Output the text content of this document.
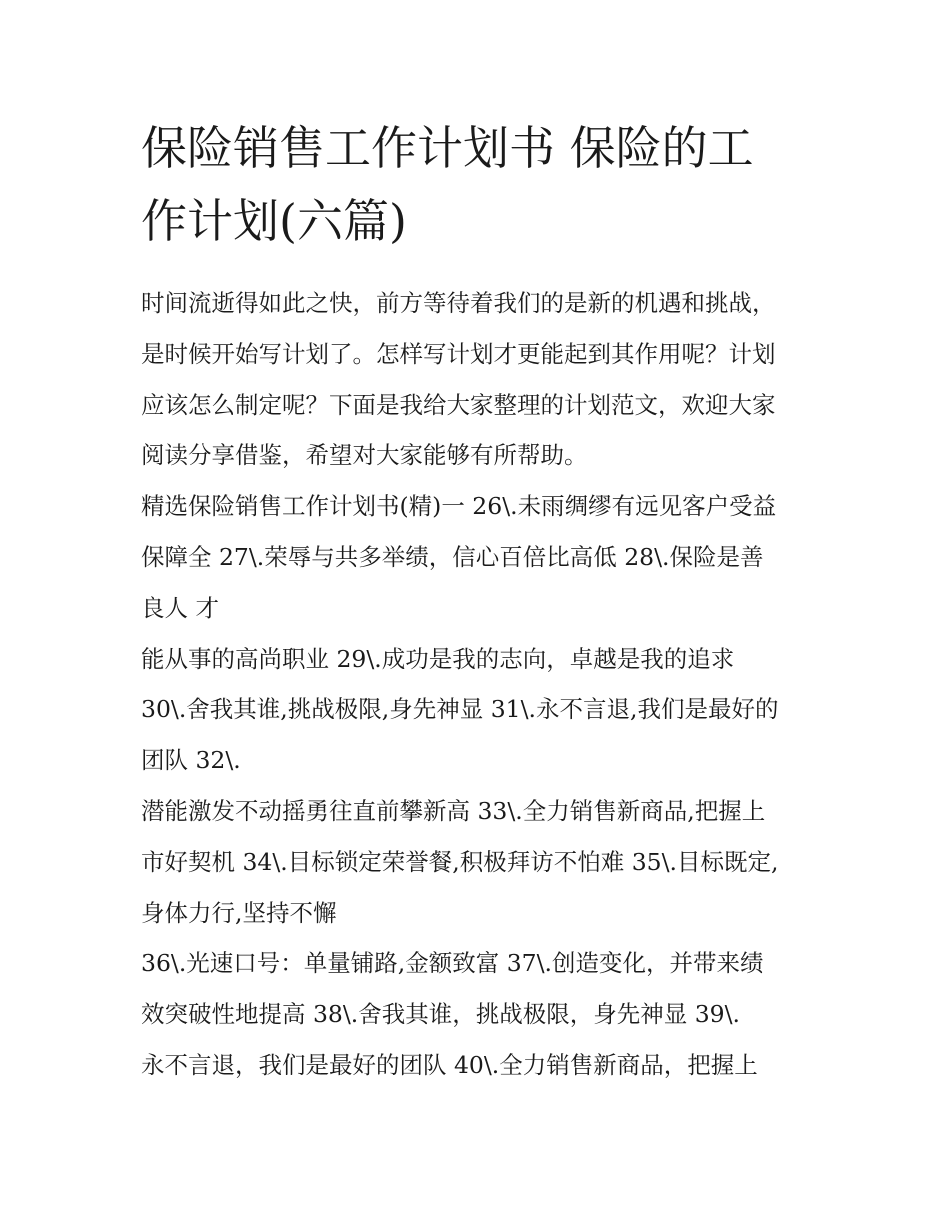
保险销售工作计划书 保险的工
作计划(六篇)
时间流逝得如此之快，前方等待着我们的是新的机遇和挑战，
是时候开始写计划了。怎样写计划才更能起到其作用呢？计划
应该怎么制定呢？下面是我给大家整理的计划范文，欢迎大家
阅读分享借鉴，希望对大家能够有所帮助。
精选保险销售工作计划书(精)一 26\.未雨绸缪有远见客户受益
保障全 27\.荣辱与共多举绩，信心百倍比高低 28\.保险是善
良人 才
能从事的高尚职业 29\.成功是我的志向，卓越是我的追求
30\.舍我其谁,挑战极限,身先神显 31\.永不言退,我们是最好的
团队 32\.
潜能激发不动摇勇往直前攀新高 33\.全力销售新商品,把握上
市好契机 34\.目标锁定荣誉餐,积极拜访不怕难 35\.目标既定,
身体力行,坚持不懈
36\.光速口号：单量铺路,金额致富 37\.创造变化，并带来绩
效突破性地提高 38\.舍我其谁，挑战极限，身先神显 39\.
永不言退，我们是最好的团队 40\.全力销售新商品，把握上
